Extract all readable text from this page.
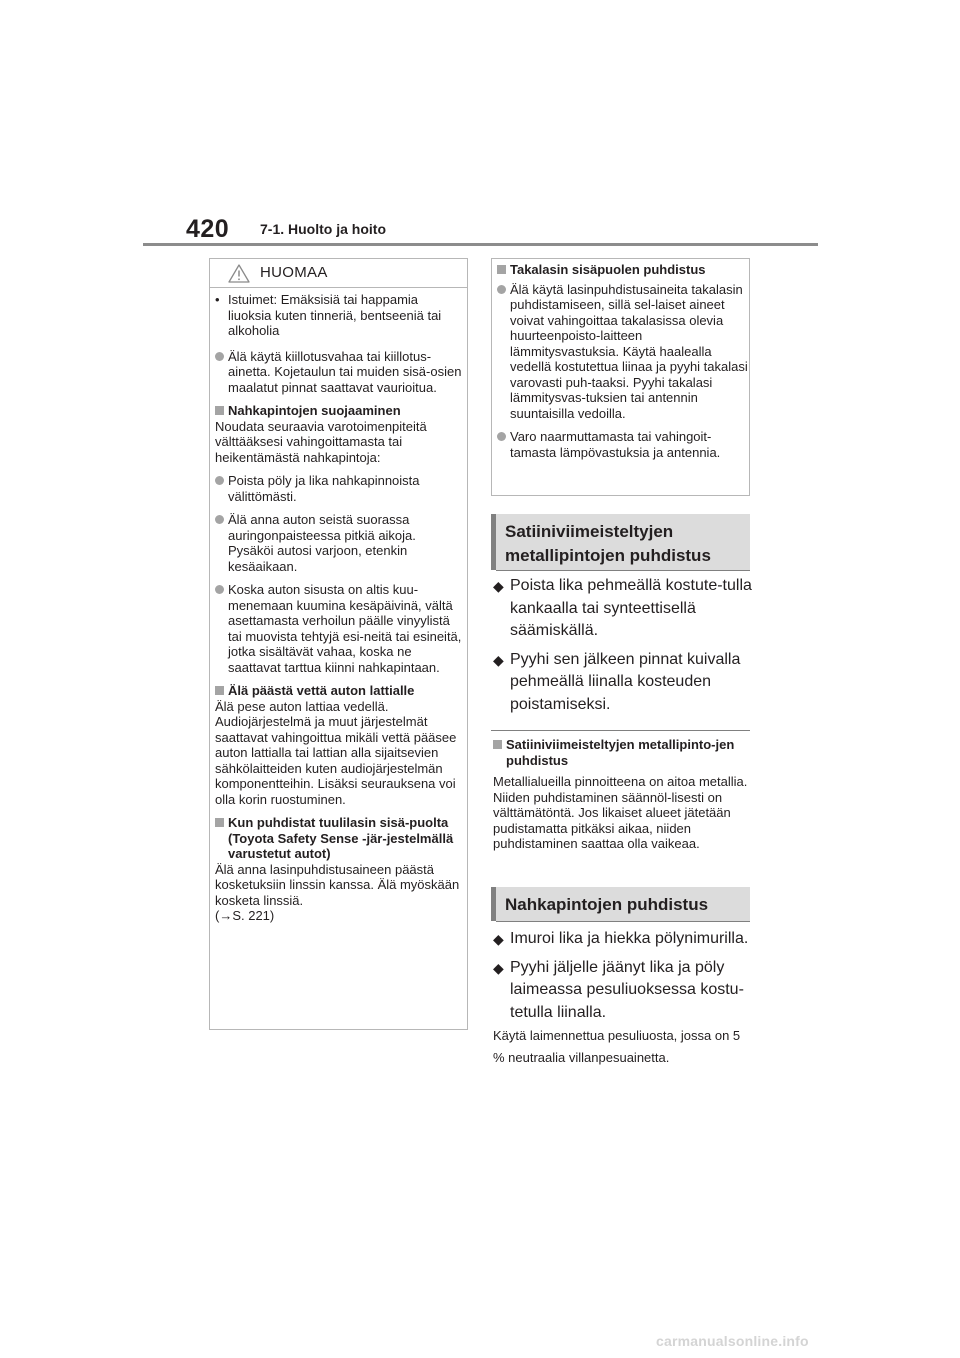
420 7-1. Huolto ja hoito
HUOMAA
• Istuimet: Emäksisiä tai happamia liuoksia kuten tinneriä, bentseeniä tai alkoholia
Älä käytä kiillotusvahaa tai kiillotus-ainetta. Kojetaulun tai muiden sisä-osien maalatut pinnat saattavat vaurioitua.

Nahkapintojen suojaaminen

Noudata seuraavia varotoimenpiteitä välttääksesi vahingoittamasta tai heikentämästä nahkapintoja:

Poista pöly ja lika nahkapinnoista välittömästi.
Älä anna auton seistä suorassa auringonpaisteessa pitkiä aikoja. Pysäköi autosi varjoon, etenkin kesäaikaan.
Koska auton sisusta on altis kuu-menemaan kuumina kesäpäivinä, vältä asettamasta verhoilun päälle vinyylistä tai muovista tehtyjä esi-neitä tai esineitä, jotka sisältävät vahaa, koska ne saattavat tarttua kiinni nahkapintaan.

Älä päästä vettä auton lattialle

Älä pese auton lattiaa vedellä. Audiojärjestelmä ja muut järjestelmät saattavat vahingoittua mikäli vettä pääsee auton lattialla tai lattian alla sijaitsevien sähkölaitteiden kuten audiojärjestelmän komponentteihin. Lisäksi seurauksena voi olla korin ruostuminen.

Kun puhdistat tuulilasin sisä-puolta (Toyota Safety Sense -jär-jestelmällä varustetut autot)

Älä anna lasinpuhdistusaineen päästä kosketuksiin linssin kanssa. Älä myöskään kosketa linssiä.

(→S. 221)

Takalasin sisäpuolen puhdistus

Älä käytä lasinpuhdistusaineita takalasin puhdistamiseen, sillä sel-laiset aineet voivat vahingoittaa takalasissa olevia huurteenpoisto-laitteen lämmitysvastuksia. Käytä haalealla vedellä kostutettua liinaa ja pyyhi takalasi varovasti puh-taaksi. Pyyhi takalasi lämmitysvas-tuksien tai antennin suuntaisilla vedoilla.
Varo naarmuttamasta tai vahingoit-tamasta lämpövastuksia ja antennia.
Satiiniviimeisteltyjen metallipintojen puhdistus
◆ Poista lika pehmeällä kostute-tulla kankaalla tai synteettisellä säämiskällä.
◆ Pyyhi sen jälkeen pinnat kuivalla pehmeällä liinalla kosteuden poistamiseksi.

Satiiniviimeisteltyjen metallipinto-jen puhdistus

Metallialueilla pinnoitteena on aitoa metallia. Niiden puhdistaminen säännöl-lisesti on välttämätöntä. Jos likaiset alueet jätetään pudistamatta pitkäksi aikaa, niiden puhdistaminen saattaa olla vaikeaa.

Nahkapintojen puhdistus
◆ Imuroi lika ja hiekka pölynimurilla.
◆ Pyyhi jäljelle jäänyt lika ja pöly laimeassa pesuliuoksessa kostu-tetulla liinalla.
Käytä laimennettua pesuliuosta, jossa on 5 % neutraalia villanpesuainetta.
carmanualsonline.info
